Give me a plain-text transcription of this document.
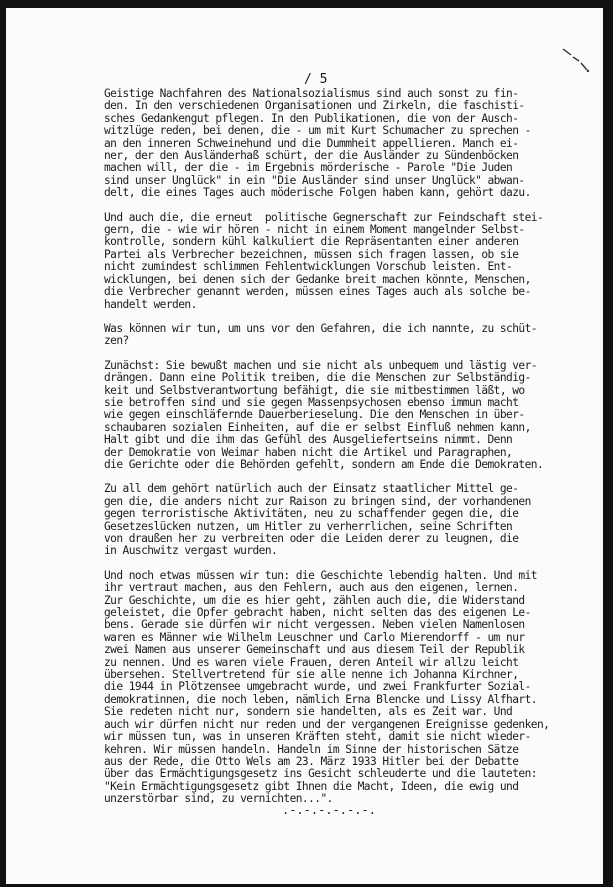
/ 5
Geistige Nachfahren des Nationalsozialismus sind auch sonst zu fin-
den. In den verschiedenen Organisationen und Zirkeln, die faschisti-
sches Gedankengut pflegen. In den Publikationen, die von der Ausch-
witzlüge reden, bei denen, die - um mit Kurt Schumacher zu sprechen -
an den inneren Schweinehund und die Dummheit appellieren. Manch ei-
ner, der den Ausländerhaß schürt, der die Ausländer zu Sündenböcken
machen will, der die - im Ergebnis mörderische - Parole "Die Juden
sind unser Unglück" in ein "Die Ausländer sind unser Unglück" abwan-
delt, die eines Tages auch möderische Folgen haben kann, gehört dazu.
Und auch die, die erneut  politische Gegnerschaft zur Feindschaft stei-
gern, die - wie wir hören - nicht in einem Moment mangelnder Selbst-
kontrolle, sondern kühl kalkuliert die Repräsentanten einer anderen
Partei als Verbrecher bezeichnen, müssen sich fragen lassen, ob sie
nicht zumindest schlimmen Fehlentwicklungen Vorschub leisten. Ent-
wicklungen, bei denen sich der Gedanke breit machen könnte, Menschen,
die Verbrecher genannt werden, müssen eines Tages auch als solche be-
handelt werden.
Was können wir tun, um uns vor den Gefahren, die ich nannte, zu schüt-
zen?
Zunächst: Sie bewußt machen und sie nicht als unbequem und lästig ver-
drängen. Dann eine Politik treiben, die die Menschen zur Selbständig-
keit und Selbstverantwortung befähigt, die sie mitbestimmen läßt, wo
sie betroffen sind und sie gegen Massenpsychosen ebenso immun macht
wie gegen einschläfernde Dauerberieselung. Die den Menschen in über-
schaubaren sozialen Einheiten, auf die er selbst Einfluß nehmen kann,
Halt gibt und die ihm das Gefühl des Ausgeliefertseins nimmt. Denn
der Demokratie von Weimar haben nicht die Artikel und Paragraphen,
die Gerichte oder die Behörden gefehlt, sondern am Ende die Demokraten.
Zu all dem gehört natürlich auch der Einsatz staatlicher Mittel ge-
gen die, die anders nicht zur Raison zu bringen sind, der vorhandenen
gegen terroristische Aktivitäten, neu zu schaffender gegen die, die
Gesetzeslücken nutzen, um Hitler zu verherrlichen, seine Schriften
von draußen her zu verbreiten oder die Leiden derer zu leugnen, die
in Auschwitz vergast wurden.
Und noch etwas müssen wir tun: die Geschichte lebendig halten. Und mit
ihr vertraut machen, aus den Fehlern, auch aus den eigenen, lernen.
Zur Geschichte, um die es hier geht, zählen auch die, die Widerstand
geleistet, die Opfer gebracht haben, nicht selten das des eigenen Le-
bens. Gerade sie dürfen wir nicht vergessen. Neben vielen Namenlosen
waren es Männer wie Wilhelm Leuschner und Carlo Mierendorff - um nur
zwei Namen aus unserer Gemeinschaft und aus diesem Teil der Republik
zu nennen. Und es waren viele Frauen, deren Anteil wir allzu leicht
übersehen. Stellvertretend für sie alle nenne ich Johanna Kirchner,
die 1944 in Plötzensee umgebracht wurde, und zwei Frankfurter Sozial-
demokratinnen, die noch leben, nämlich Erna Blencke und Lissy Alfhart.
Sie redeten nicht nur, sondern sie handelten, als es Zeit war. Und
auch wir dürfen nicht nur reden und der vergangenen Ereignisse gedenken,
wir müssen tun, was in unseren Kräften steht, damit sie nicht wieder-
kehren. Wir müssen handeln. Handeln im Sinne der historischen Sätze
aus der Rede, die Otto Wels am 23. März 1933 Hitler bei der Debatte
über das Ermächtigungsgesetz ins Gesicht schleuderte und die lauteten:
"Kein Ermächtigungsgesetz gibt Ihnen die Macht, Ideen, die ewig und
unzerstörbar sind, zu vernichten...".
.-.-.-.-.-.-.
